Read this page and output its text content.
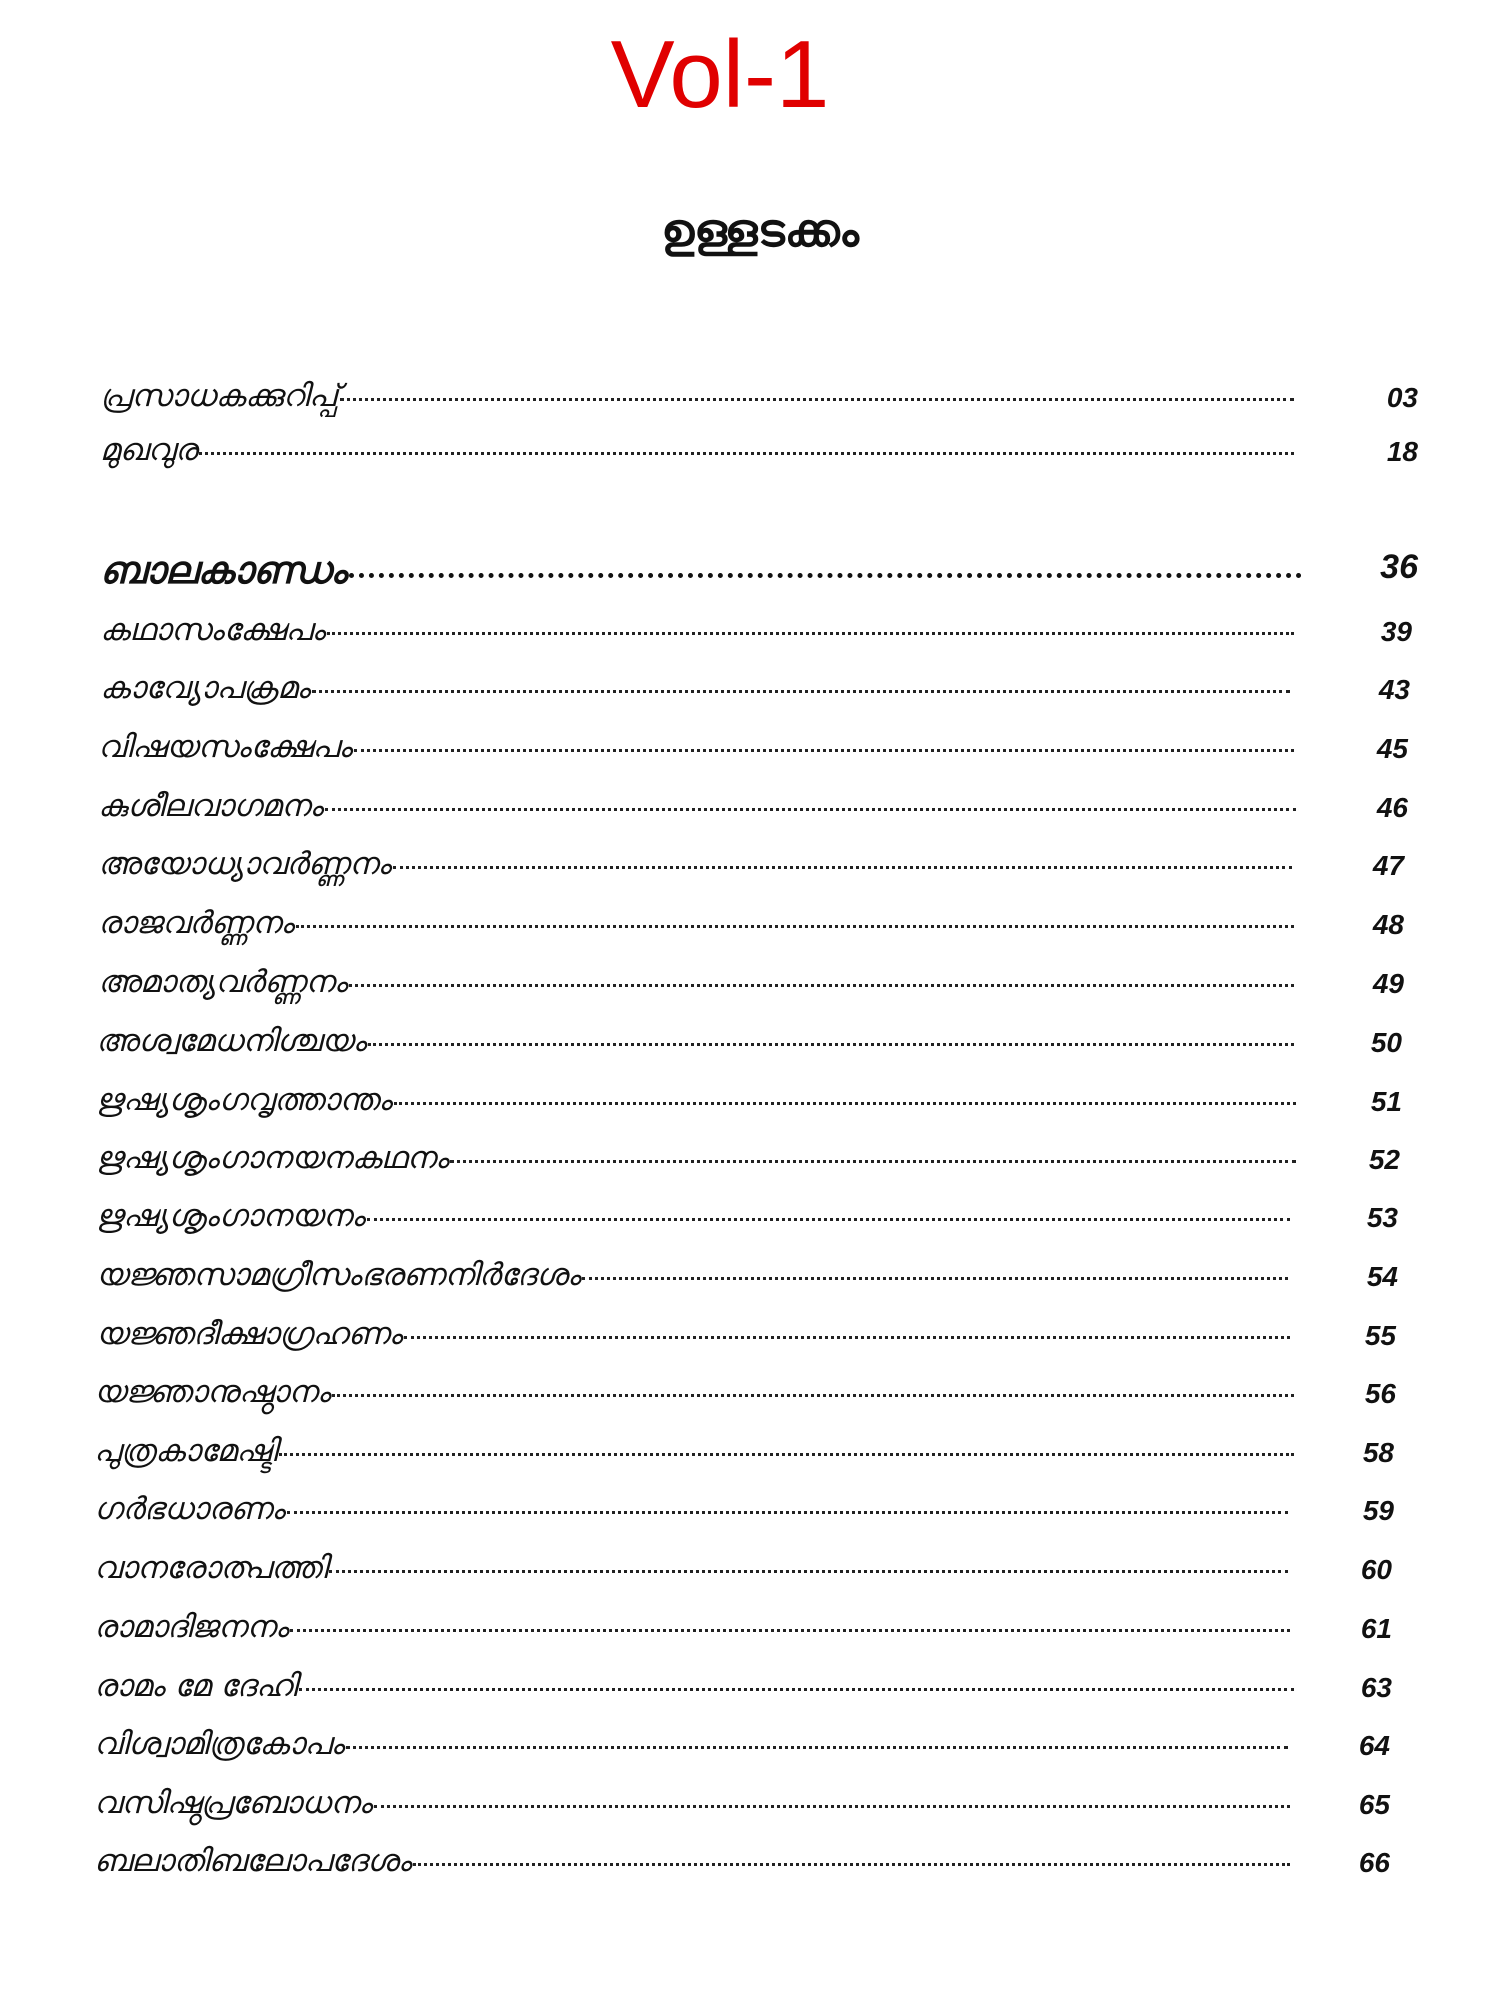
Vol-1
ഉള്ളടക്കം
പ്രസാധകക്കുറിപ്പ്	03
മുഖവുര	18
ബാലകാണ്ഡം	36
കഥാസംക്ഷേപം	39
കാവ്യോപക്രമം	43
വിഷയസംക്ഷേപം	45
കുശീലവാഗമനം	46
അയോധ്യാവർണ്ണനം	47
രാജവർണ്ണനം	48
അമാത്യവർണ്ണനം	49
അശ്വമേധനിശ്ചയം	50
ഋഷ്യശൃംഗവൃത്താന്തം	51
ഋഷ്യശൃംഗാനയനകഥനം	52
ഋഷ്യശൃംഗാനയനം	53
യജ്ഞസാമഗ്രീസംഭരണനിർദേശം	54
യജ്ഞദീക്ഷാഗ്രഹണം	55
യജ്ഞാനുഷ്ഠാനം	56
പുത്രകാമേഷ്ടി	58
ഗർഭധാരണം	59
വാനരോത്പത്തി	60
രാമാദിജനനം	61
രാമം മേ ദേഹി	63
വിശ്വാമിത്രകോപം	64
വസിഷ്ഠപ്രബോധനം	65
ബലാതിബലോപദേശം	66
